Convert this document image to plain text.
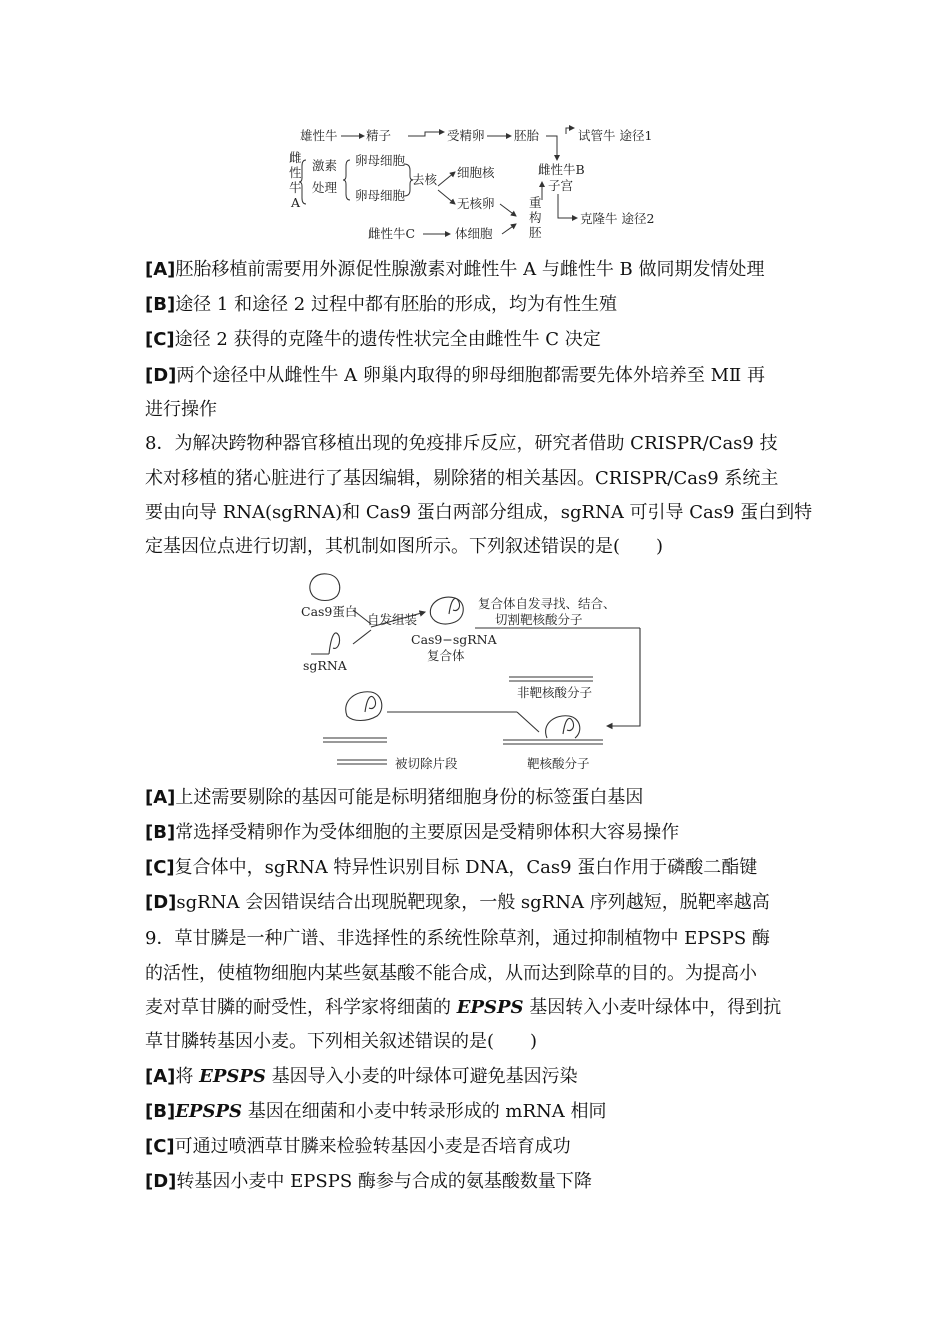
雄性牛 精子	受精卵 胚胎	试管牛 途径1
雌
性
牛
A
激素
处理
卵母细胞
卵母细胞
去核 细胞核
无核卵
雌性牛B
子宫
重
构
胚
克隆牛 途径2
雌性牛C	体细胞
[A]胚胎移植前需要用外源促性腺激素对雌性牛 A 与雌性牛 B 做同期发情处理
[B]途径 1 和途径 2 过程中都有胚胎的形成，均为有性生殖
[C]途径 2 获得的克隆牛的遗传性状完全由雌性牛 C 决定
[D]两个途径中从雌性牛 A 卵巢内取得的卵母细胞都需要先体外培养至 MⅡ 再
进行操作
8．为解决跨物种器官移植出现的免疫排斥反应，研究者借助 CRISPR/Cas9 技
术对移植的猪心脏进行了基因编辑，剔除猪的相关基因。CRISPR/Cas9 系统主
要由向导 RNA(sgRNA)和 Cas9 蛋白两部分组成，sgRNA 可引导 Cas9 蛋白到特
定基因位点进行切割，其机制如图所示。下列叙述错误的是(　　)
Cas9蛋白
sgRNA
自发组装
Cas9−sgRNA
复合体
复合体自发寻找、结合、
切割靶核酸分子
非靶核酸分子
靶核酸分子
被切除片段
[A]上述需要剔除的基因可能是标明猪细胞身份的标签蛋白基因
[B]常选择受精卵作为受体细胞的主要原因是受精卵体积大容易操作
[C]复合体中，sgRNA 特异性识别目标 DNA，Cas9 蛋白作用于磷酸二酯键
[D]sgRNA 会因错误结合出现脱靶现象，一般 sgRNA 序列越短，脱靶率越高
9．草甘膦是一种广谱、非选择性的系统性除草剂，通过抑制植物中 EPSPS 酶
的活性，使植物细胞内某些氨基酸不能合成，从而达到除草的目的。为提高小
麦对草甘膦的耐受性，科学家将细菌的 EPSPS 基因转入小麦叶绿体中，得到抗
草甘膦转基因小麦。下列相关叙述错误的是(　　)
[A]将 EPSPS 基因导入小麦的叶绿体可避免基因污染
[B]EPSPS 基因在细菌和小麦中转录形成的 mRNA 相同
[C]可通过喷洒草甘膦来检验转基因小麦是否培育成功
[D]转基因小麦中 EPSPS 酶参与合成的氨基酸数量下降
